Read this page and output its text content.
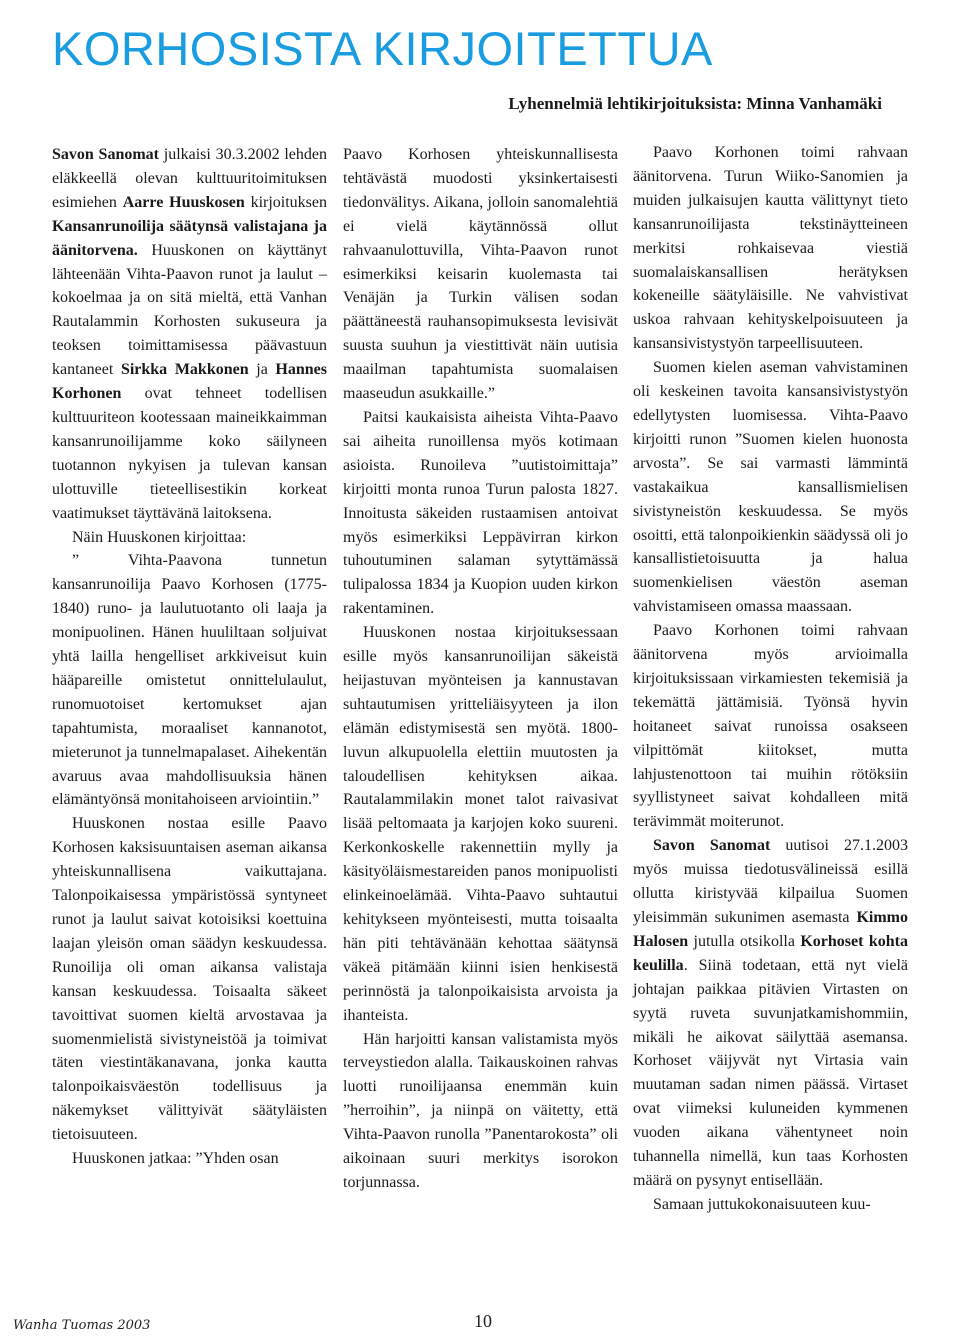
KORHOSISTA KIRJOITETTUA
Lyhennelmiä lehtikirjoituksista: Minna Vanhamäki

Savon Sanomat julkaisi 30.3.2002 lehden eläkkeellä olevan kulttuuritoimituksen esimiehen Aarre Huuskosen kirjoituksen Kansanrunoilija säätynsä valistajana ja äänitorvena. Huuskonen on käyttänyt lähteenään Vihta-Paavon runot ja laulut –kokoelmaa ja on sitä mieltä, että Vanhan Rautalammin Korhosten sukuseura ja teoksen toimittamisessa päävastuun kantaneet Sirkka Makkonen ja Hannes Korhonen ovat tehneet todellisen kulttuuriteon kootessaan maineikkaimman kansanrunoilijamme koko säilyneen tuotannon nykyisen ja tulevan kansan ulottuville tieteellisestikin korkeat vaatimukset täyttävänä laitoksena.

Näin Huuskonen kirjoittaa:

” Vihta-Paavona tunnetun kansanrunoilija Paavo Korhosen (1775-1840) runo- ja laulutuotanto oli laaja ja monipuolinen. Hänen huuliltaan soljuivat yhtä lailla hengelliset arkkiveisut kuin hääpareille omistetut onnittelulaulut, runomuotoiset kertomukset ajan tapahtumista, moraaliset kannanotot, mieterunot ja tunnelmapalaset. Aihekentän avaruus avaa mahdollisuuksia hänen elämäntyönsä monitahoiseen arviointiin.”

Huuskonen nostaa esille Paavo Korhosen kaksisuuntaisen aseman aikansa yhteiskunnallisena vaikuttajana. Talonpoikaisessa ympäristössä syntyneet runot ja laulut saivat kotoisiksi koettuina laajan yleisön oman säädyn keskuudessa. Runoilija oli oman aikansa valistaja kansan keskuudessa. Toisaalta säkeet tavoittivat suomen kieltä arvostavaa ja suomenmielistä sivistyneistöä ja toimivat täten viestintäkanavana, jonka kautta talonpoikaisväestön todellisuus ja näkemykset välittyivät säätyläisten tietoisuuteen.

Huuskonen jatkaa: ”Yhden osan

Paavo Korhosen yhteiskunnallisesta tehtävästä muodosti yksinkertaisesti tiedonvälitys. Aikana, jolloin sanomalehtiä ei vielä käytännössä ollut rahvaanulottuvilla, Vihta-Paavon runot esimerkiksi keisarin kuolemasta tai Venäjän ja Turkin välisen sodan päättäneestä rauhansopimuksesta levisivät suusta suuhun ja viestittivät näin uutisia maailman tapahtumista suomalaisen maaseudun asukkaille.”

Paitsi kaukaisista aiheista Vihta-Paavo sai aiheita runoillensa myös kotimaan asioista. Runoileva ”uutistoimittaja” kirjoitti monta runoa Turun palosta 1827. Innoitusta säkeiden rustaamisen antoivat myös esimerkiksi Leppävirran kirkon tuhoutuminen salaman sytyttämässä tulipalossa 1834 ja Kuopion uuden kirkon rakentaminen.

Huuskonen nostaa kirjoituksessaan esille myös kansanrunoilijan säkeistä heijastuvan myönteisen ja kannustavan suhtautumisen yritteliäisyyteen ja ilon elämän edistymisestä sen myötä. 1800-luvun alkupuolella elettiin muutosten ja taloudellisen kehityksen aikaa. Rautalammilakin monet talot raivasivat lisää peltomaata ja karjojen koko suureni. Kerkonkoskelle rakennettiin mylly ja käsityöläismestareiden panos monipuolisti elinkeinoelämää. Vihta-Paavo suhtautui kehitykseen myönteisesti, mutta toisaalta hän piti tehtävänään kehottaa säätynsä väkeä pitämään kiinni isien henkisestä perinnöstä ja talonpoikaisista arvoista ja ihanteista.

Hän harjoitti kansan valistamista myös terveystiedon alalla. Taikauskoinen rahvas luotti runoilijaansa enemmän kuin ”herroihin”, ja niinpä on väitetty, että Vihta-Paavon runolla ”Panentarokosta” oli aikoinaan suuri merkitys isorokon torjunnassa.

Paavo Korhonen toimi rahvaan äänitorvena. Turun Wiiko-Sanomien ja muiden julkaisujen kautta välittynyt tieto kansanrunoilijasta tekstinäytteineen merkitsi rohkaisevaa viestiä suomalaiskansallisen herätyksen kokeneille säätyläisille. Ne vahvistivat uskoa rahvaan kehityskelpoisuuteen ja kansansivistystyön tarpeellisuuteen.

Suomen kielen aseman vahvistaminen oli keskeinen tavoita kansansivistystyön edellytysten luomisessa. Vihta-Paavo kirjoitti runon ”Suomen kielen huonosta arvosta”. Se sai varmasti lämmintä vastakaikua kansallismielisen sivistyneistön keskuudessa. Se myös osoitti, että talonpoikienkin säädyssä oli jo kansallistietoisuutta ja halua suomenkielisen väestön aseman vahvistamiseen omassa maassaan.

Paavo Korhonen toimi rahvaan äänitorvena myös arvioimalla kirjoituksissaan virkamiesten tekemisiä ja tekemättä jättämisiä. Työnsä hyvin hoitaneet saivat runoissa osakseen vilpittömät kiitokset, mutta lahjustenottoon tai muihin rötöksiin syyllistyneet saivat kohdalleen mitä terävimmät moiterunot.

Savon Sanomat uutisoi 27.1.2003 myös muissa tiedotusvälineissä esillä ollutta kiristyvää kilpailua Suomen yleisimmän sukunimen asemasta Kimmo Halosen jutulla otsikolla Korhoset kohta keulilla. Siinä todetaan, että nyt vielä johtajan paikkaa pitävien Virtasten on syytä ruveta suvunjatkamishommiin, mikäli he aikovat säilyttää asemansa. Korhoset väijyvät nyt Virtasia vain muutaman sadan nimen päässä. Virtaset ovat viimeksi kuluneiden kymmenen vuoden aikana vähentyneet noin tuhannella nimellä, kun taas Korhosten määrä on pysynyt entisellään.

Samaan juttukokonaisuuteen kuu-

Wanha Tuomas 2003	10
